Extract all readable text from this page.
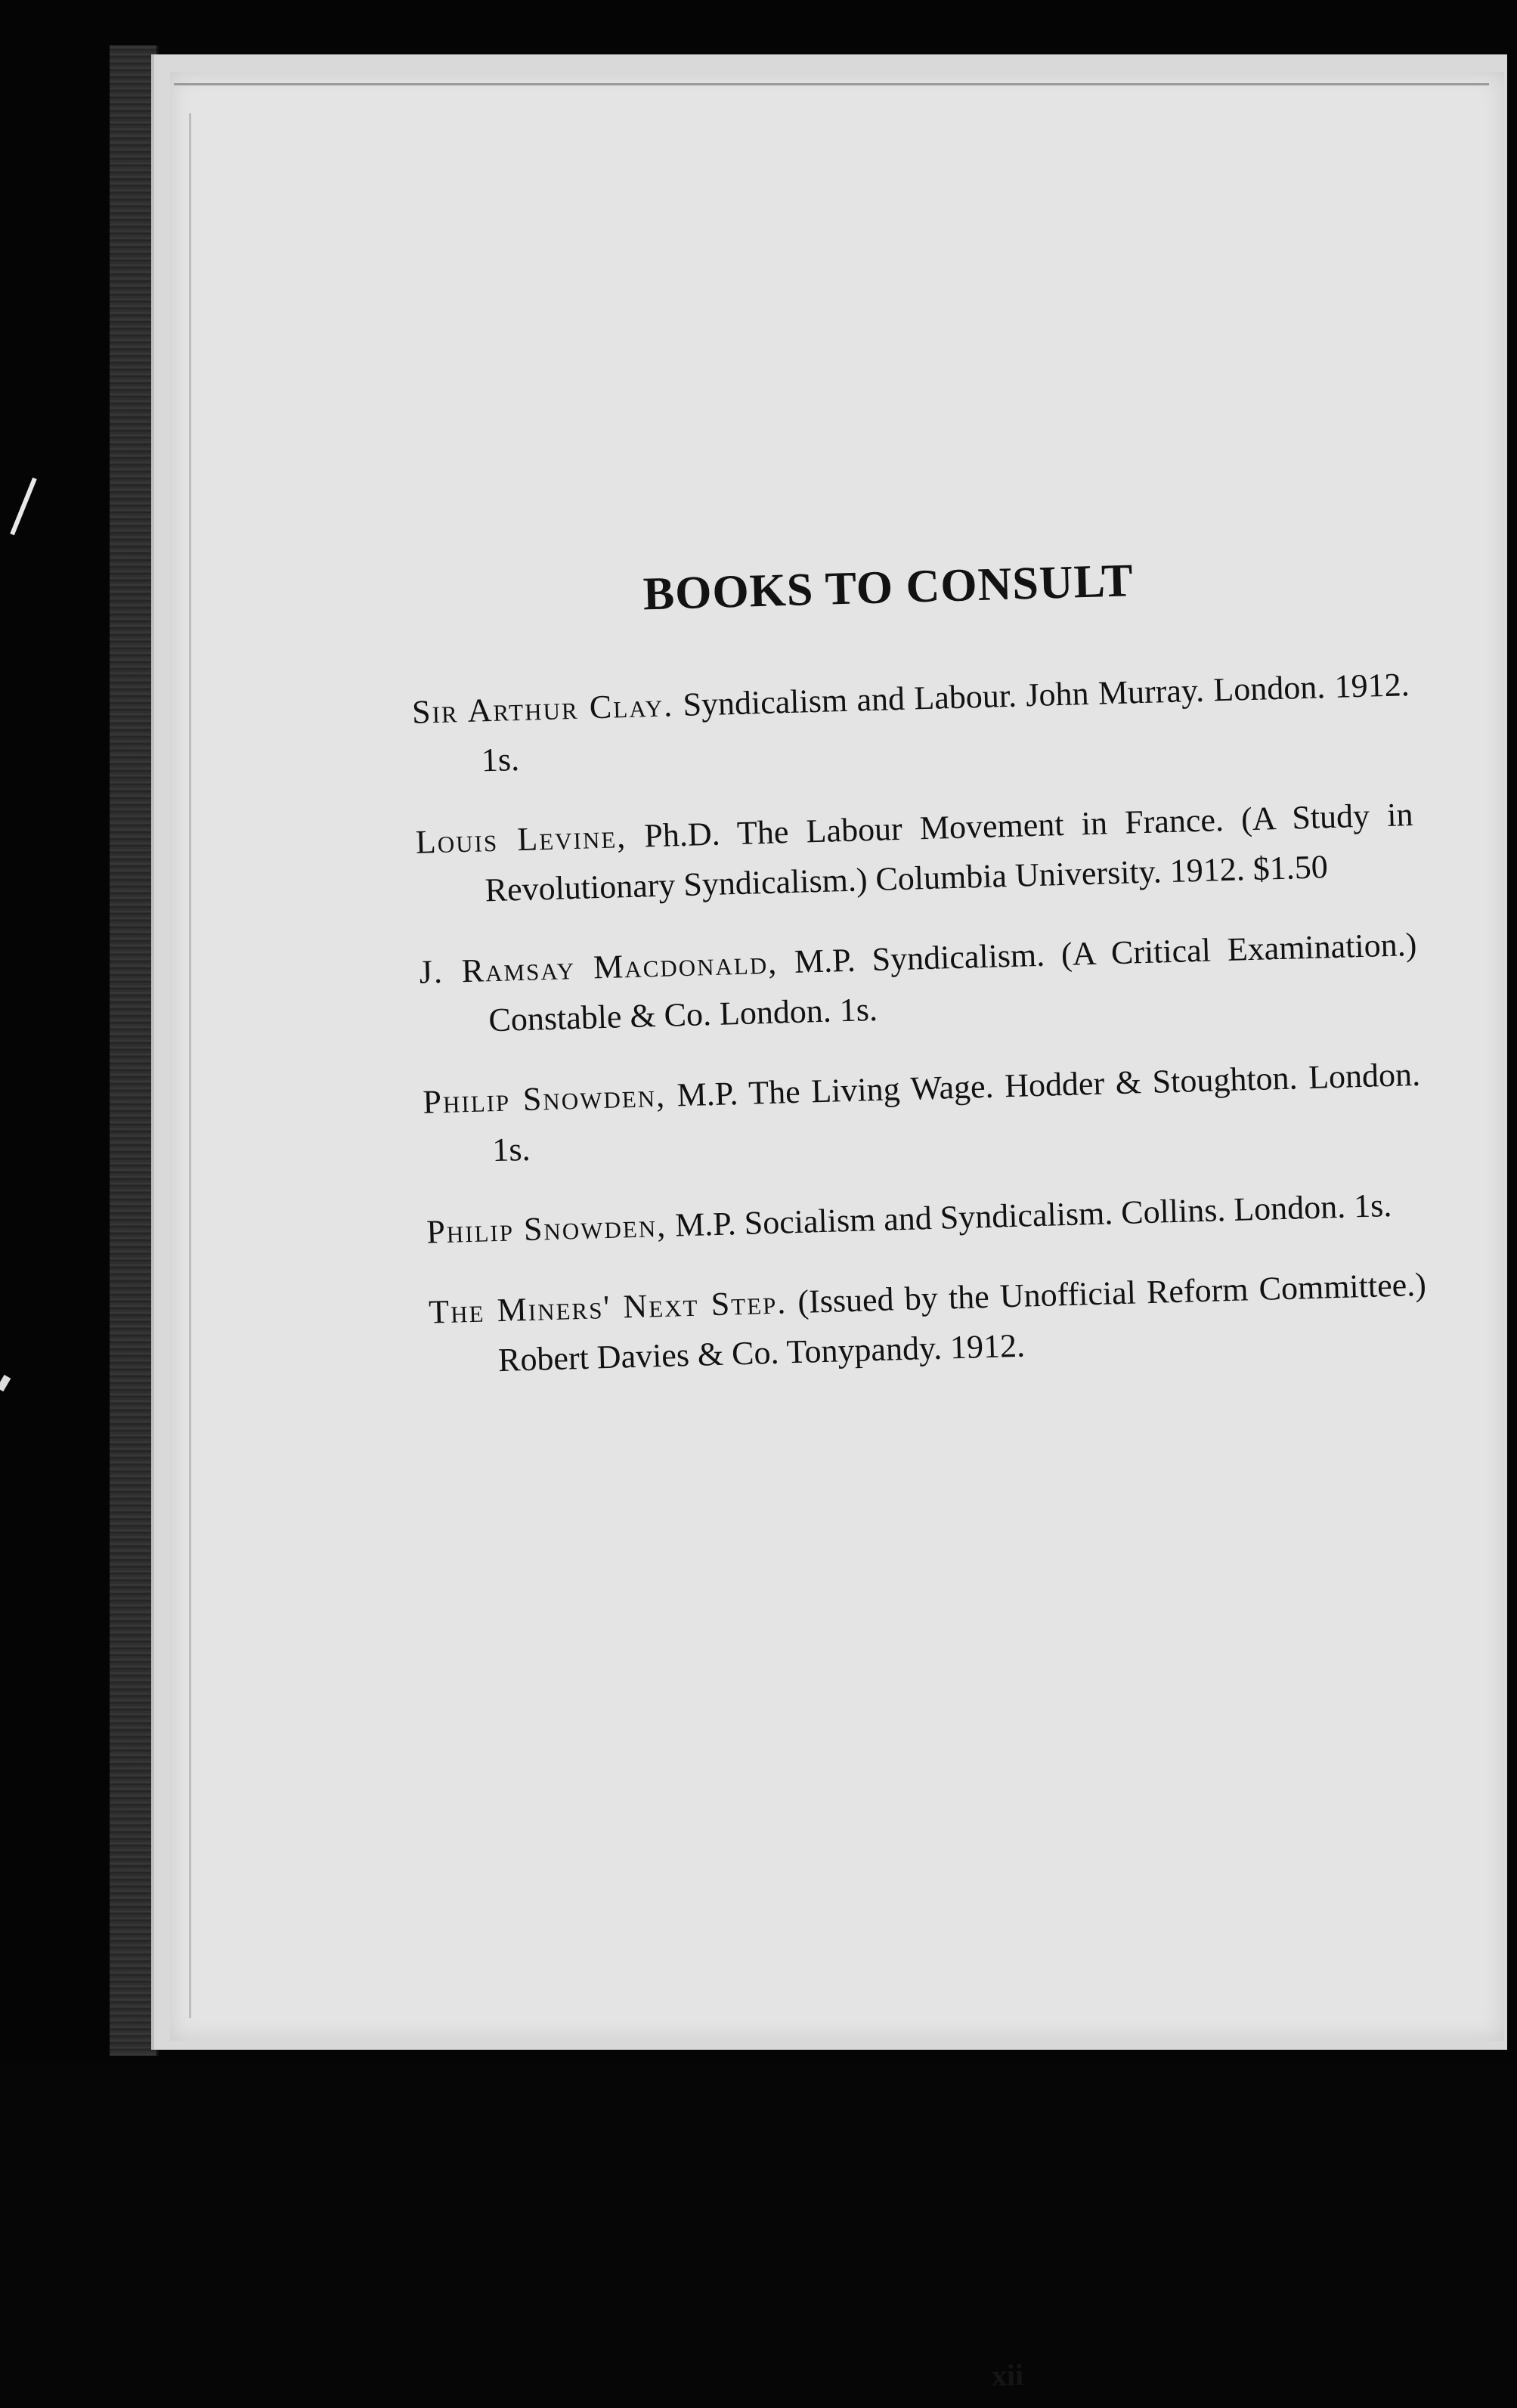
BOOKS TO CONSULT
Sir Arthur Clay. Syndicalism and Labour. John Murray. London. 1912. 1s.
Louis Levine, Ph.D. The Labour Movement in France. (A Study in Revolutionary Syndicalism.) Columbia University. 1912. $1.50
J. Ramsay Macdonald, M.P. Syndicalism. (A Critical Examination.) Constable & Co. London. 1s.
Philip Snowden, M.P. The Living Wage. Hodder & Stoughton. London. 1s.
Philip Snowden, M.P. Socialism and Syndicalism. Collins. London. 1s.
The Miners' Next Step. (Issued by the Unofficial Reform Committee.) Robert Davies & Co. Tonypandy. 1912.
xii
